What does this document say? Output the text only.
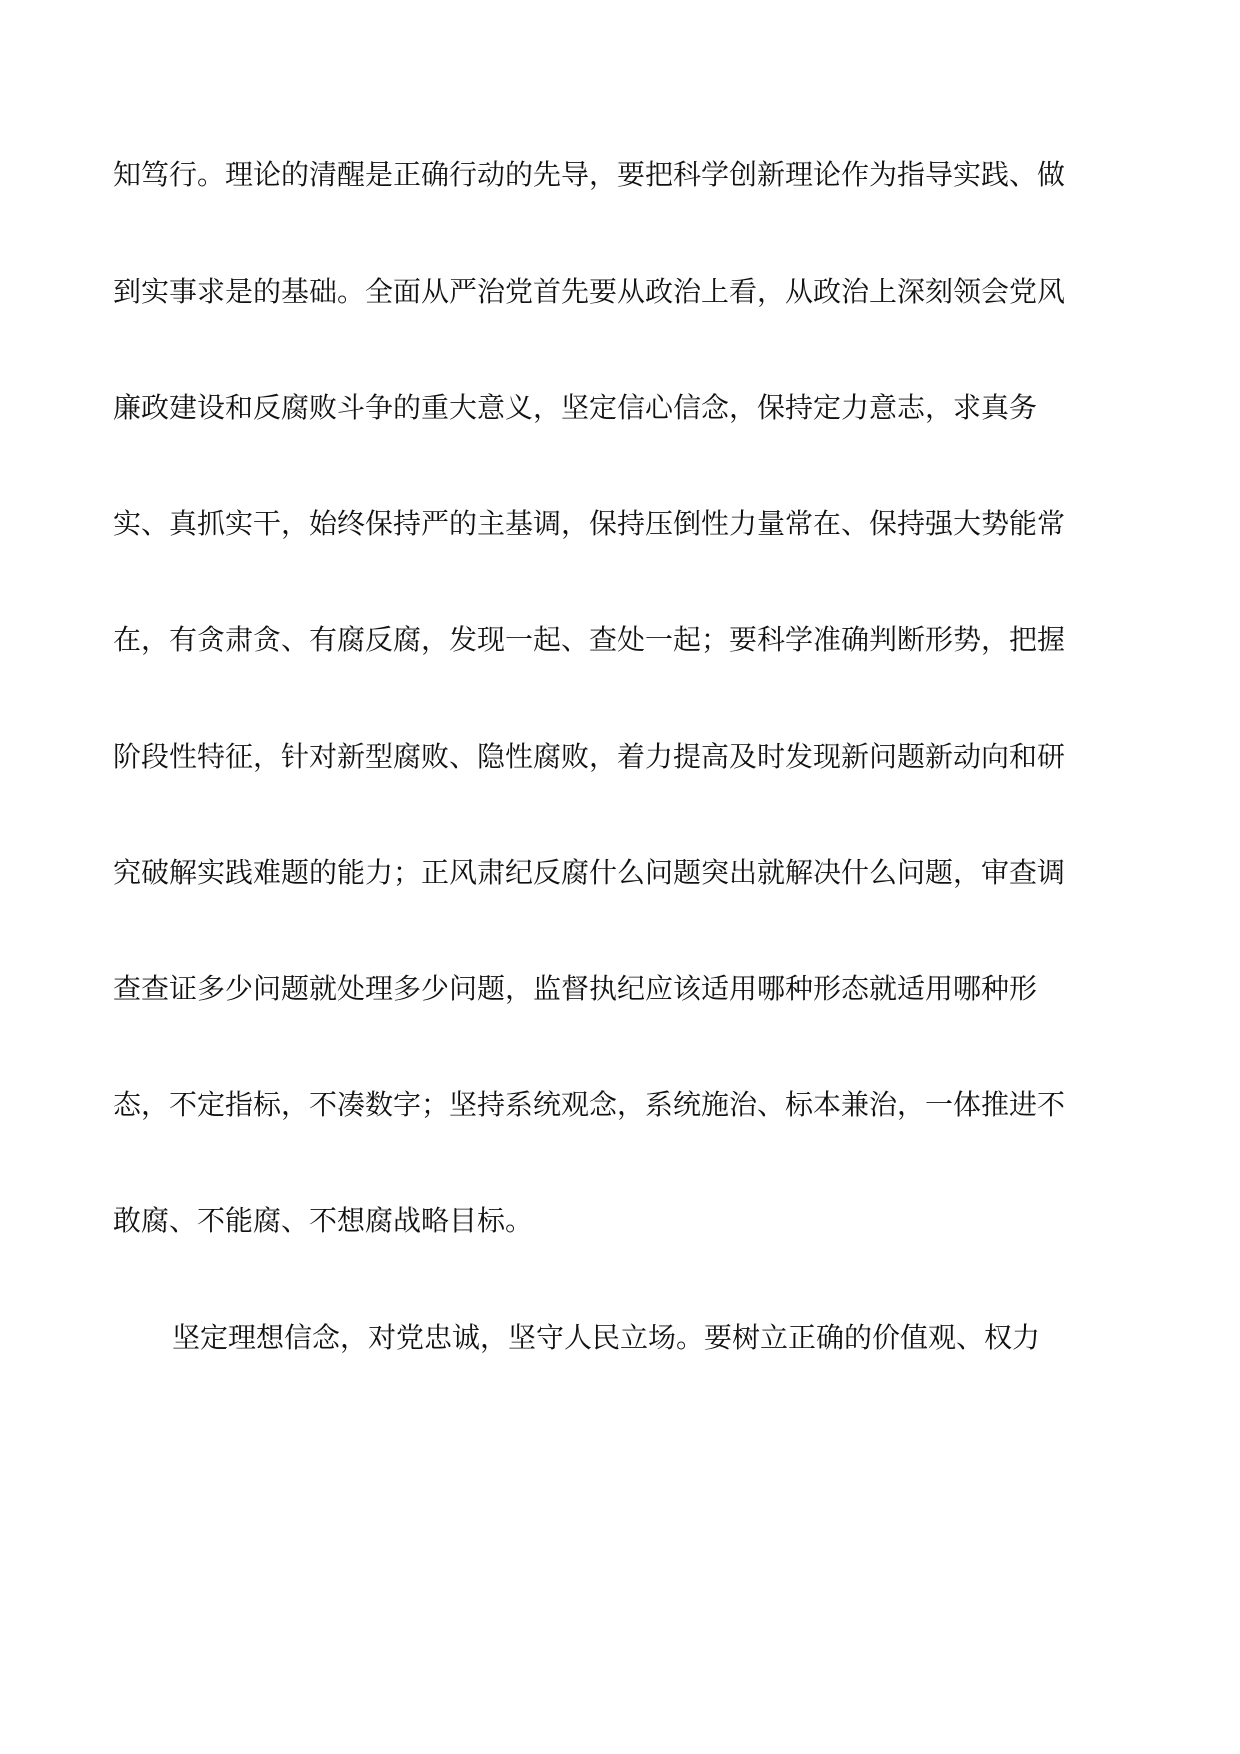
知笃行。理论的清醒是正确行动的先导，要把科学创新理论作为指导实践、做
到实事求是的基础。全面从严治党首先要从政治上看，从政治上深刻领会党风
廉政建设和反腐败斗争的重大意义，坚定信心信念，保持定力意志，求真务
实、真抓实干，始终保持严的主基调，保持压倒性力量常在、保持强大势能常
在，有贪肃贪、有腐反腐，发现一起、查处一起；要科学准确判断形势，把握
阶段性特征，针对新型腐败、隐性腐败，着力提高及时发现新问题新动向和研
究破解实践难题的能力；正风肃纪反腐什么问题突出就解决什么问题，审查调
查查证多少问题就处理多少问题，监督执纪应该适用哪种形态就适用哪种形
态，不定指标，不凑数字；坚持系统观念，系统施治、标本兼治，一体推进不
敢腐、不能腐、不想腐战略目标。
坚定理想信念，对党忠诚，坚守人民立场。要树立正确的价值观、权力
